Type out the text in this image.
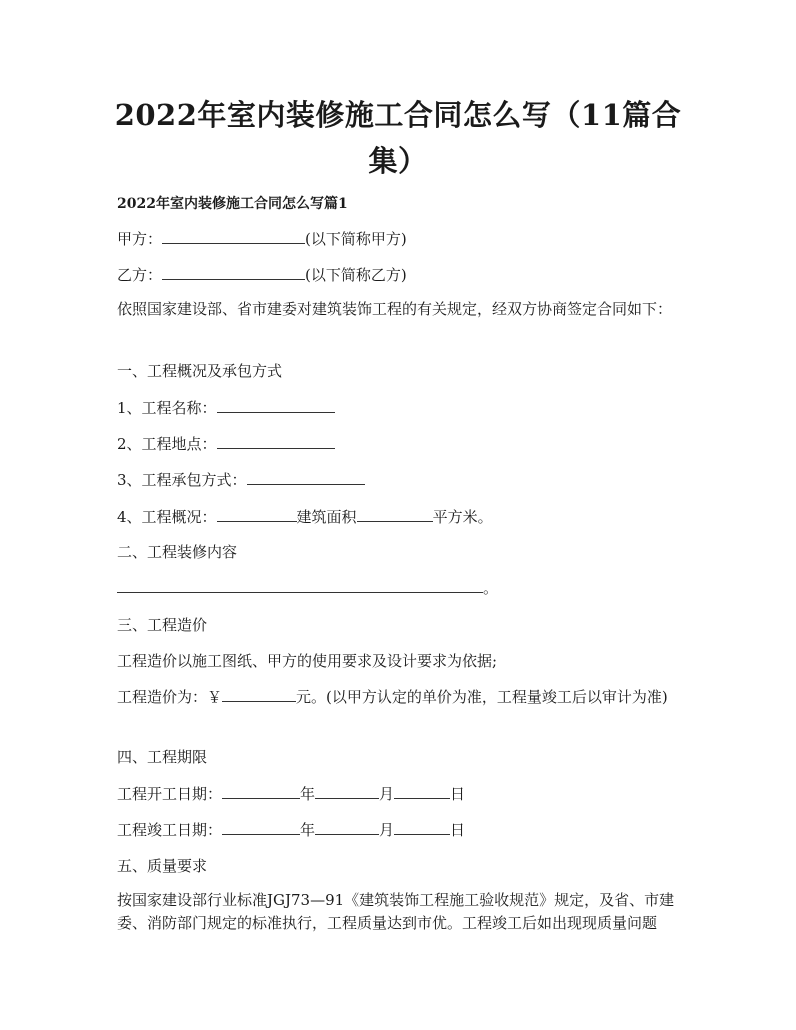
2022年室内装修施工合同怎么写（11篇合集）
2022年室内装修施工合同怎么写篇1
甲方：	(以下简称甲方)
乙方：	(以下简称乙方)
依照国家建设部、省市建委对建筑装饰工程的有关规定，经双方协商签定合同如下：
一、工程概况及承包方式
1、工程名称：
2、工程地点：
3、工程承包方式：
4、工程概况：	建筑面积	平方米。
二、工程装修内容
。
三、工程造价
工程造价以施工图纸、甲方的使用要求及设计要求为依据;
工程造价为：￥	元。(以甲方认定的单价为准，工程量竣工后以审计为准)
四、工程期限
工程开工日期：	年	月	日
工程竣工日期：	年	月	日
五、质量要求
按国家建设部行业标准JGJ73—91《建筑装饰工程施工验收规范》规定，及省、市建委、消防部门规定的标准执行，工程质量达到市优。工程竣工后如出现现质量问题
